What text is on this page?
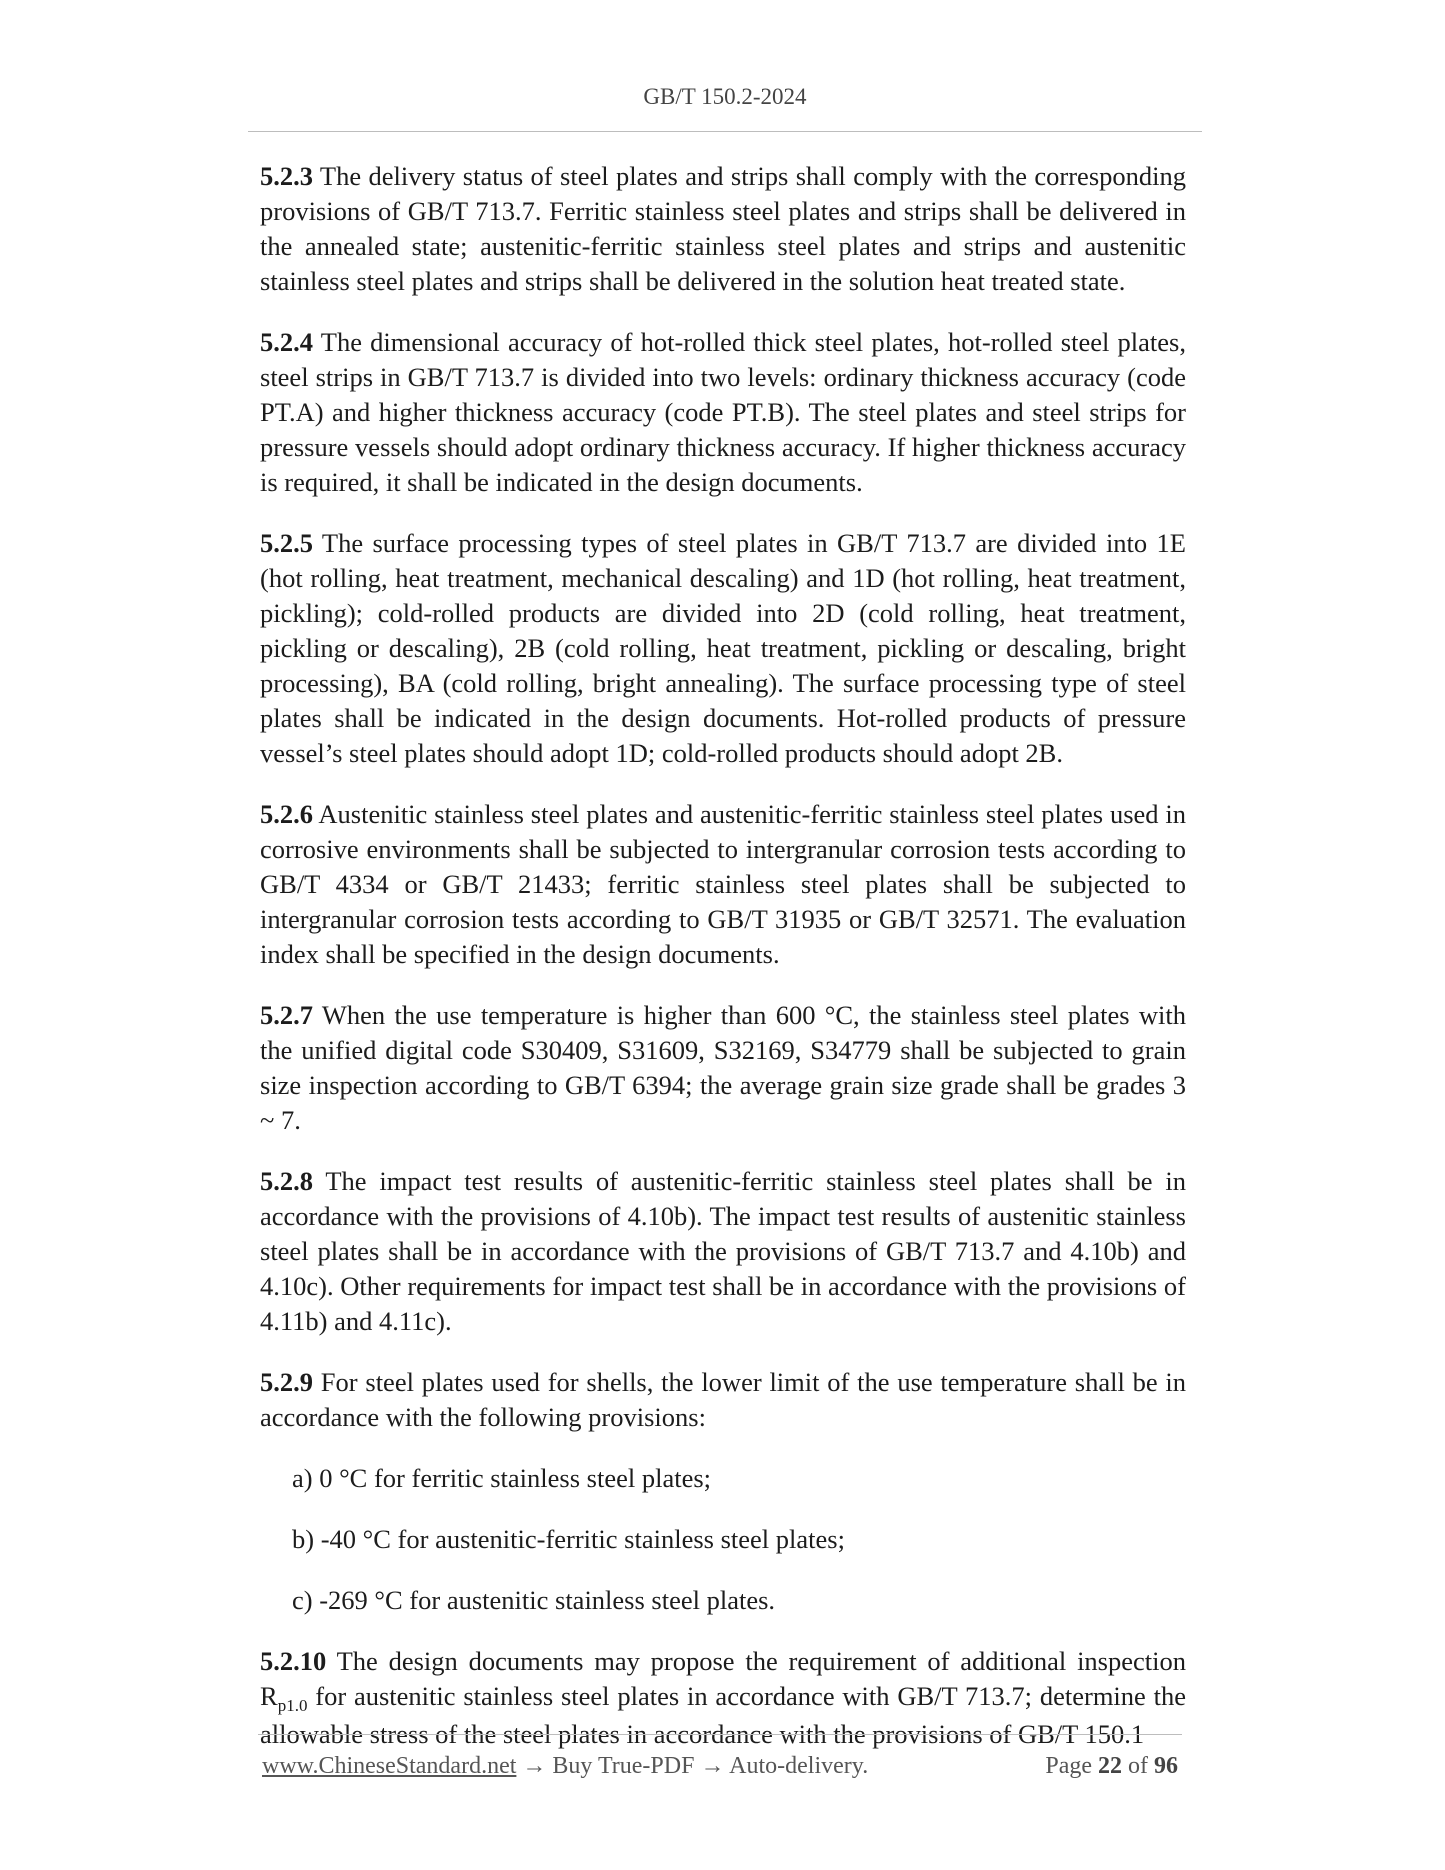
GB/T 150.2-2024

5.2.3 The delivery status of steel plates and strips shall comply with the corresponding provisions of GB/T 713.7. Ferritic stainless steel plates and strips shall be delivered in the annealed state; austenitic-ferritic stainless steel plates and strips and austenitic stainless steel plates and strips shall be delivered in the solution heat treated state.

5.2.4 The dimensional accuracy of hot-rolled thick steel plates, hot-rolled steel plates, steel strips in GB/T 713.7 is divided into two levels: ordinary thickness accuracy (code PT.A) and higher thickness accuracy (code PT.B). The steel plates and steel strips for pressure vessels should adopt ordinary thickness accuracy. If higher thickness accuracy is required, it shall be indicated in the design documents.

5.2.5 The surface processing types of steel plates in GB/T 713.7 are divided into 1E (hot rolling, heat treatment, mechanical descaling) and 1D (hot rolling, heat treatment, pickling); cold-rolled products are divided into 2D (cold rolling, heat treatment, pickling or descaling), 2B (cold rolling, heat treatment, pickling or descaling, bright processing), BA (cold rolling, bright annealing). The surface processing type of steel plates shall be indicated in the design documents. Hot-rolled products of pressure vessel’s steel plates should adopt 1D; cold-rolled products should adopt 2B.

5.2.6 Austenitic stainless steel plates and austenitic-ferritic stainless steel plates used in corrosive environments shall be subjected to intergranular corrosion tests according to GB/T 4334 or GB/T 21433; ferritic stainless steel plates shall be subjected to intergranular corrosion tests according to GB/T 31935 or GB/T 32571. The evaluation index shall be specified in the design documents.

5.2.7 When the use temperature is higher than 600 °C, the stainless steel plates with the unified digital code S30409, S31609, S32169, S34779 shall be subjected to grain size inspection according to GB/T 6394; the average grain size grade shall be grades 3 ~ 7.

5.2.8 The impact test results of austenitic-ferritic stainless steel plates shall be in accordance with the provisions of 4.10b). The impact test results of austenitic stainless steel plates shall be in accordance with the provisions of GB/T 713.7 and 4.10b) and 4.10c). Other requirements for impact test shall be in accordance with the provisions of 4.11b) and 4.11c).

5.2.9 For steel plates used for shells, the lower limit of the use temperature shall be in accordance with the following provisions:

a) 0 °C for ferritic stainless steel plates;

b) -40 °C for austenitic-ferritic stainless steel plates;

c) -269 °C for austenitic stainless steel plates.

5.2.10 The design documents may propose the requirement of additional inspection $R_{p1.0}$ for austenitic stainless steel plates in accordance with GB/T 713.7; determine the allowable stress of the steel plates in accordance with the provisions of GB/T 150.1

www.ChineseStandard.net → Buy True-PDF → Auto-delivery.	Page 22 of 96
